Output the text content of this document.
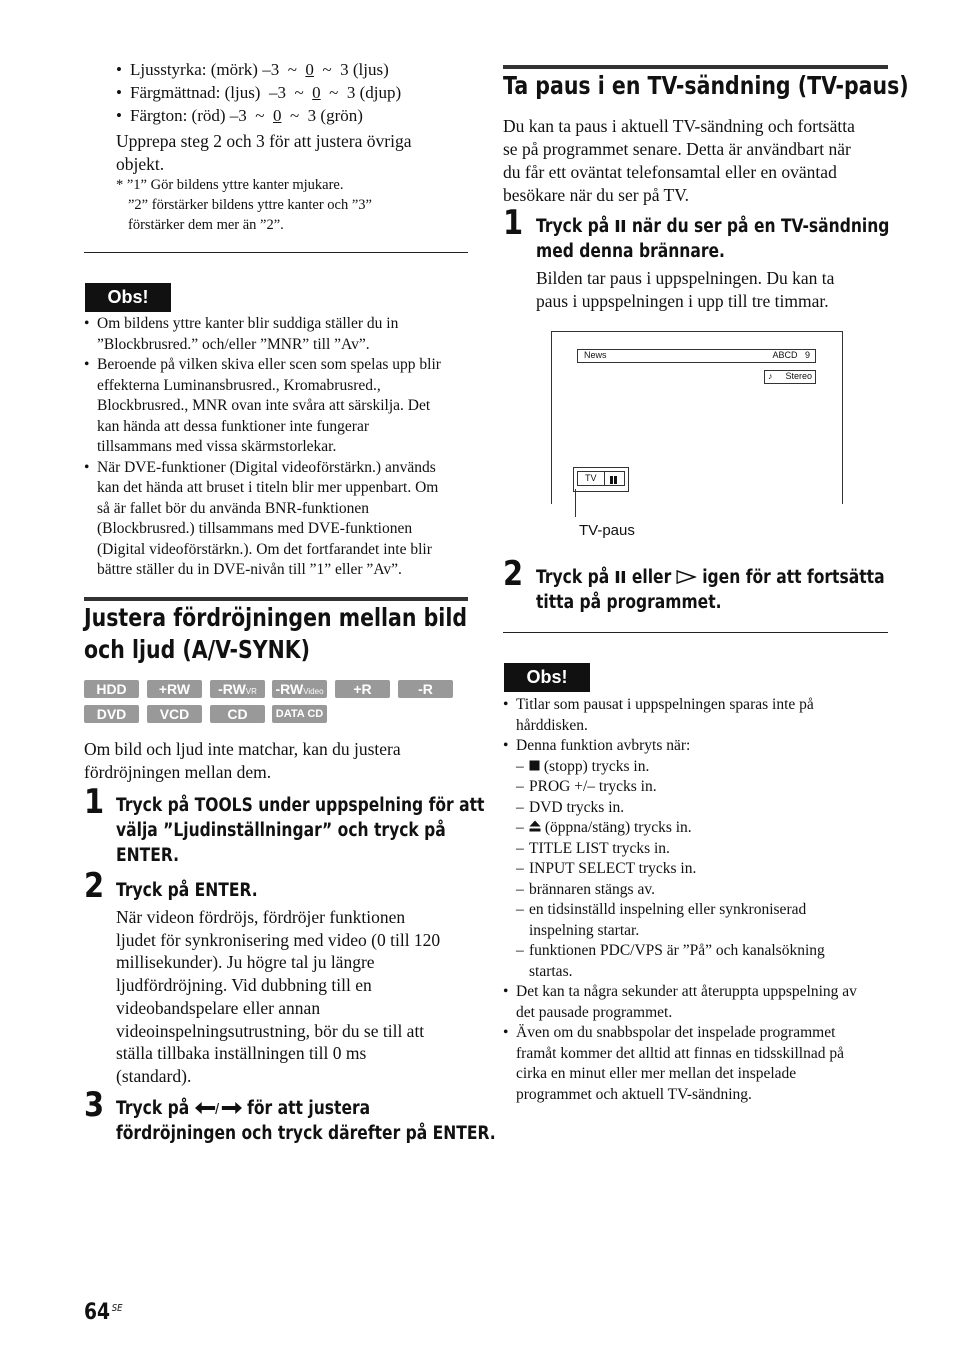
• Ljusstyrka: (mörk) –3  ~  0  ~  3 (ljus)
• Färgmättnad: (ljus)  –3  ~  0  ~  3 (djup)
• Färgton: (röd) –3  ~  0  ~  3 (grön)
Upprepa steg 2 och 3 för att justera övriga
objekt.
* ”1” Gör bildens yttre kanter mjukare.
”2” förstärker bildens yttre kanter och ”3”
förstärker dem mer än ”2”.
Obs!
• Om bildens yttre kanter blir suddiga ställer du in
”Blockbrusred.” och/eller ”MNR” till ”Av”.
• Beroende på vilken skiva eller scen som spelas upp blir
effekterna Luminansbrusred., Kromabrusred.,
Blockbrusred., MNR ovan inte svåra att särskilja. Det
kan hända att dessa funktioner inte fungerar
tillsammans med vissa skärmstorlekar.
• När DVE-funktioner (Digital videoförstärkn.) används
kan det hända att bruset i titeln blir mer uppenbart. Om
så är fallet bör du använda BNR-funktionen
(Blockbrusred.) tillsammans med DVE-funktionen
(Digital videoförstärkn.). Om det fortfarandet inte blir
bättre ställer du in DVE-nivån till ”1” eller ”Av”.
Justera fördröjningen mellan bild
och ljud (A/V-SYNK)
HDD	+RW	-RWVR	-RWVideo	+R	-R
DVD	VCD	CD	DATA CD
Om bild och ljud inte matchar, kan du justera
fördröjningen mellan dem.
1 Tryck på TOOLS under uppspelning för att
välja ”Ljudinställningar” och tryck på
ENTER.
2 Tryck på ENTER.
När videon fördröjs, fördröjer funktionen
ljudet för synkronisering med video (0 till 120
millisekunder). Ju högre tal ju längre
ljudfördröjning. Vid dubbning till en
videobandspelare eller annan
videoinspelningsutrustning, bör du se till att
ställa tillbaka inställningen till 0 ms
(standard).
3 Tryck på / för att justera
fördröjningen och tryck därefter på ENTER.
Ta paus i en TV-sändning (TV-paus)
Du kan ta paus i aktuell TV-sändning och fortsätta
se på programmet senare. Detta är användbart när
du får ett oväntat telefonsamtal eller en oväntad
besökare när du ser på TV.
1 Tryck på  när du ser på en TV-sändning
med denna brännare.
Bilden tar paus i uppspelningen. Du kan ta
paus i uppspelningen i upp till tre timmar.
News	ABCD   9
♪ Stereo
TV
TV-paus
2 Tryck på  eller  igen för att fortsätta
titta på programmet.
Obs!
• Titlar som pausat i uppspelningen sparas inte på
hårddisken.
• Denna funktion avbryts när:
–	(stopp) trycks in.
– PROG +/– trycks in.
– DVD trycks in.
–	(öppna/stäng) trycks in.
– TITLE LIST trycks in.
– INPUT SELECT trycks in.
– brännaren stängs av.
– en tidsinställd inspelning eller synkroniserad
inspelning startar.
– funktionen PDC/VPS är ”På” och kanalsökning
startas.
• Det kan ta några sekunder att återuppta uppspelning av
det pausade programmet.
• Även om du snabbspolar det inspelade programmet
framåt kommer det alltid att finnas en tidsskillnad på
cirka en minut eller mer mellan det inspelade
programmet och aktuell TV-sändning.
64 $^{SE}$
